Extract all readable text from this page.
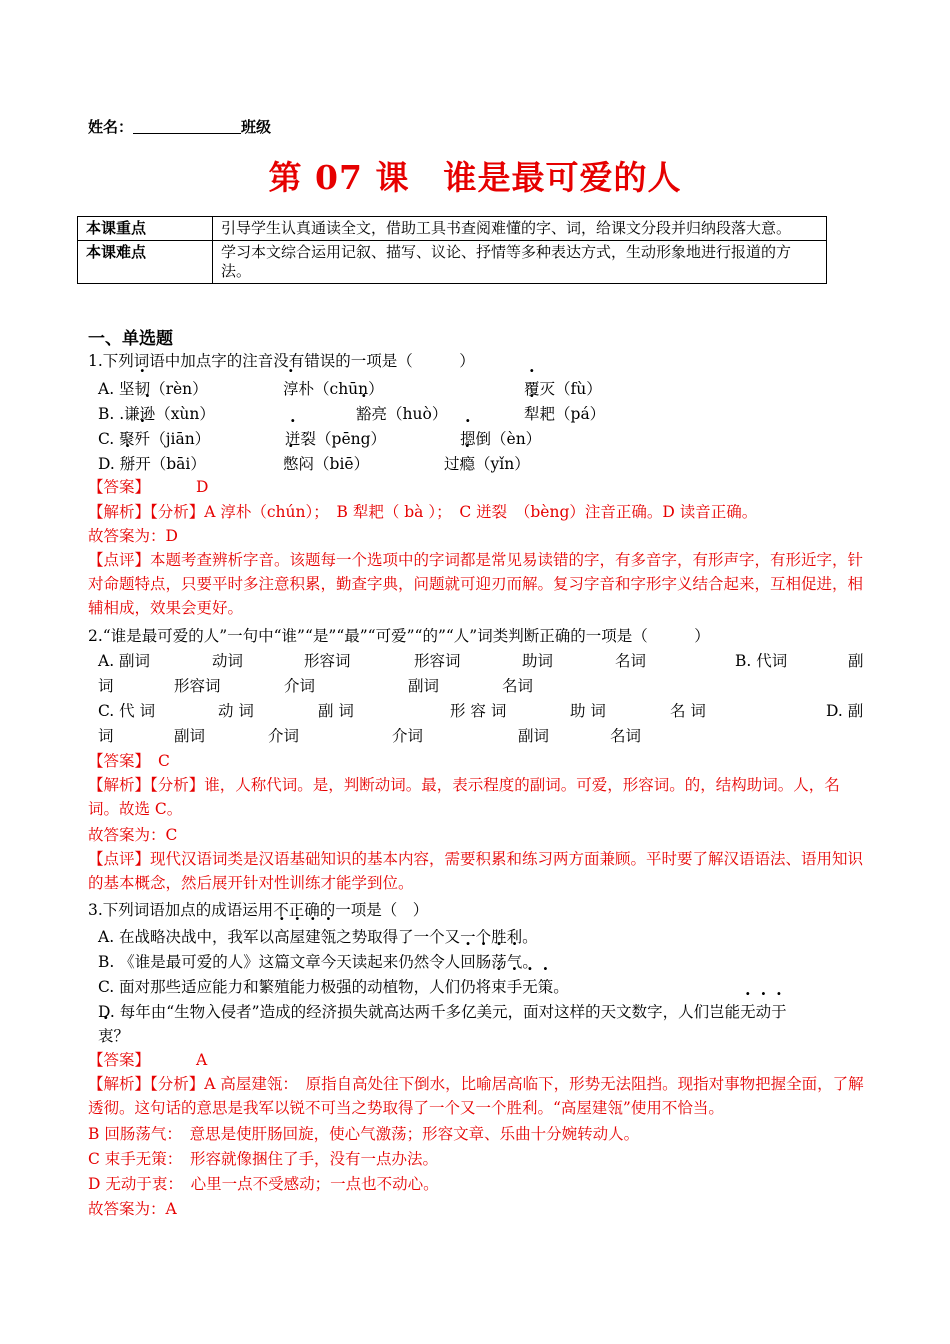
姓名：	班级
第 07 课　谁是最可爱的人
本课重点	引导学生认真通读全文，借助工具书查阅难懂的字、词，给课文分段并归纳段落大意。
本课难点	学习本文综合运用记叙、描写、议论、抒情等多种表达方式，生动形象地进行报道的方法。
一、单选题
1.下列词语中加点字的注音没有错误的一项是（　　　）
A. 坚韧（rèn）	淳朴（chūn）	覆灭（fù）
B. .谦逊（xùn）	豁亮（huò）	犁耙（pá）
C. 聚歼（jiān）	迸裂（pēng）	摁倒（èn）
D. 掰开（bāi）	憋闷（biē）	过瘾（yǐn）
【答案】	D
【解析】【分析】A 淳朴（chún）；　B 犁耙（ bà ）；　C 迸裂　（bèng）注音正确。D 读音正确。
故答案为：D
【点评】本题考查辨析字音。该题每一个选项中的字词都是常见易读错的字，有多音字，有形声字，有形近字，针对命题特点，只要平时多注意积累，勤查字典，问题就可迎刃而解。复习字音和字形字义结合起来，互相促进，相辅相成，效果会更好。
2.“谁是最可爱的人”一句中“谁”“是”“最”“可爱”“的”“人”词类判断正确的一项是（　　　）
A. 副词	动词	形容词	形容词	助词	名词	B. 代词	副
词	形容词	介词	副词	名词
C. 代 词	动 词	副 词	形 容 词	助 词	名 词	D. 副
词	副词	介词	介词	副词	名词
【答案】 C
【解析】【分析】谁，人称代词。是，判断动词。最，表示程度的副词。可爱，形容词。的，结构助词。人，名词。故选 C。
故答案为：C
【点评】现代汉语词类是汉语基础知识的基本内容，需要积累和练习两方面兼顾。平时要了解汉语语法、语用知识的基本概念，然后展开针对性训练才能学到位。
3.下列词语加点的成语运用不正确的一项是（　）
A. 在战略决战中，我军以高屋建瓴之势取得了一个又一个胜利。
B. 《谁是最可爱的人》这篇文章今天读起来仍然令人回肠荡气。
C. 面对那些适应能力和繁殖能力极强的动植物，人们仍将束手无策。
D. 每年由“生物入侵者”造成的经济损失就高达两千多亿美元，面对这样的天文数字，人们岂能无动于
衷？
【答案】	A
【解析】【分析】A 高屋建瓴：　原指自高处往下倒水，比喻居高临下，形势无法阻挡。现指对事物把握全面，了解透彻。这句话的意思是我军以锐不可当之势取得了一个又一个胜利。“高屋建瓴”使用不恰当。
B 回肠荡气：　意思是使肝肠回旋，使心气激荡；形容文章、乐曲十分婉转动人。
C 束手无策：　形容就像捆住了手，没有一点办法。
D 无动于衷：　心里一点不受感动；一点也不动心。
故答案为：A
